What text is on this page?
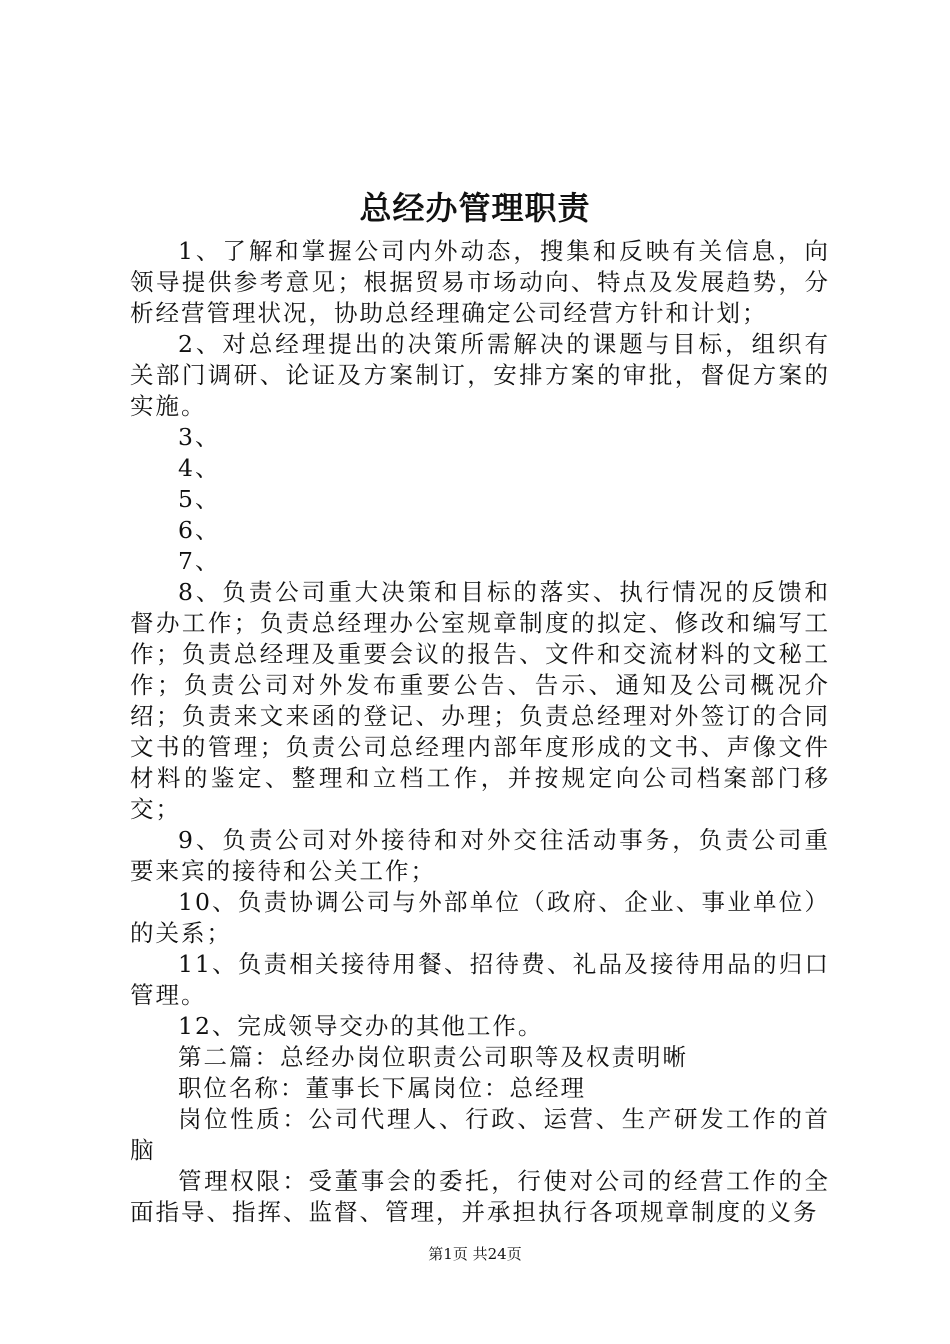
总经办管理职责

1、了解和掌握公司内外动态，搜集和反映有关信息，向领导提供参考意见；根据贸易市场动向、特点及发展趋势，分析经营管理状况，协助总经理确定公司经营方针和计划；

2、对总经理提出的决策所需解决的课题与目标，组织有关部门调研、论证及方案制订，安排方案的审批，督促方案的实施。

3、

4、

5、

6、

7、

8、负责公司重大决策和目标的落实、执行情况的反馈和督办工作；负责总经理办公室规章制度的拟定、修改和编写工作；负责总经理及重要会议的报告、文件和交流材料的文秘工作；负责公司对外发布重要公告、告示、通知及公司概况介绍；负责来文来函的登记、办理；负责总经理对外签订的合同文书的管理；负责公司总经理内部年度形成的文书、声像文件材料的鉴定、整理和立档工作，并按规定向公司档案部门移交；

9、负责公司对外接待和对外交往活动事务，负责公司重要来宾的接待和公关工作；

10、负责协调公司与外部单位（政府、企业、事业单位）的关系；

11、负责相关接待用餐、招待费、礼品及接待用品的归口管理。

12、完成领导交办的其他工作。

第二篇：总经办岗位职责公司职等及权责明晰

职位名称：董事长下属岗位：总经理

岗位性质：公司代理人、行政、运营、生产研发工作的首脑

管理权限：受董事会的委托，行使对公司的经营工作的全面指导、指挥、监督、管理，并承担执行各项规章制度的义务

第1页 共24页
